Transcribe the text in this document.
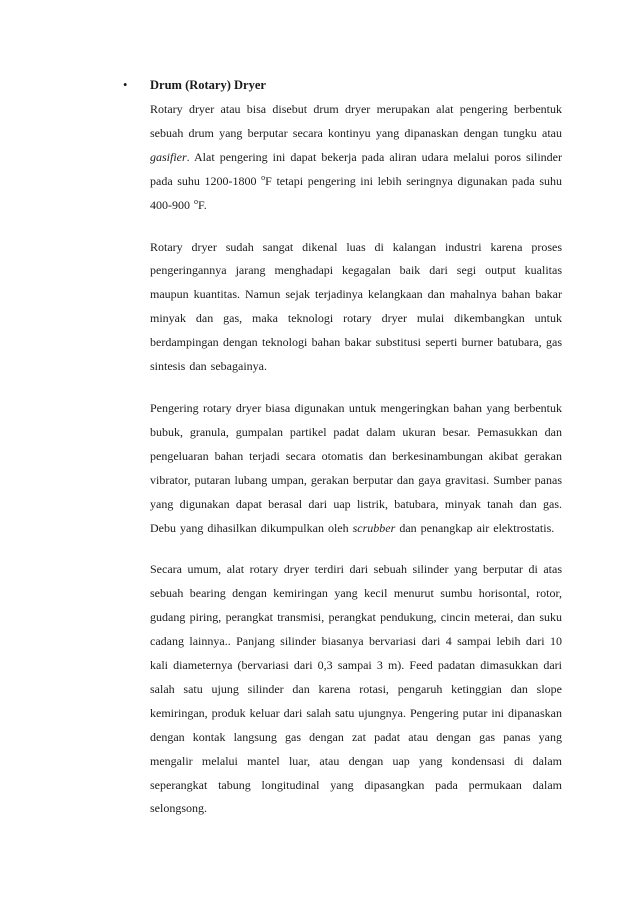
• Drum (Rotary) Dryer

Rotary dryer atau bisa disebut drum dryer merupakan alat pengering berbentuk sebuah drum yang berputar secara kontinyu yang dipanaskan dengan tungku atau gasifier. Alat pengering ini dapat bekerja pada aliran udara melalui poros silinder pada suhu 1200-1800 $^o$F tetapi pengering ini lebih seringnya digunakan pada suhu 400-900 $^o$F.

Rotary dryer sudah sangat dikenal luas di kalangan industri karena proses pengeringannya jarang menghadapi kegagalan baik dari segi output kualitas maupun kuantitas. Namun sejak terjadinya kelangkaan dan mahalnya bahan bakar minyak dan gas, maka teknologi rotary dryer mulai dikembangkan untuk berdampingan dengan teknologi bahan bakar substitusi seperti burner batubara, gas sintesis dan sebagainya.

Pengering rotary dryer biasa digunakan untuk mengeringkan bahan yang berbentuk bubuk, granula, gumpalan partikel padat dalam ukuran besar. Pemasukkan dan pengeluaran bahan terjadi secara otomatis dan berkesinambungan akibat gerakan vibrator, putaran lubang umpan, gerakan berputar dan gaya gravitasi. Sumber panas yang digunakan dapat berasal dari uap listrik, batubara, minyak tanah dan gas. Debu yang dihasilkan dikumpulkan oleh scrubber dan penangkap air elektrostatis.

Secara umum, alat rotary dryer terdiri dari sebuah silinder yang berputar di atas sebuah bearing dengan kemiringan yang kecil menurut sumbu horisontal, rotor, gudang piring, perangkat transmisi, perangkat pendukung, cincin meterai, dan suku cadang lainnya.. Panjang silinder biasanya bervariasi dari 4 sampai lebih dari 10 kali diameternya (bervariasi dari 0,3 sampai 3 m). Feed padatan dimasukkan dari salah satu ujung silinder dan karena rotasi, pengaruh ketinggian dan slope kemiringan, produk keluar dari salah satu ujungnya. Pengering putar ini dipanaskan dengan kontak langsung gas dengan zat padat atau dengan gas panas yang mengalir melalui mantel luar, atau dengan uap yang kondensasi di dalam seperangkat tabung longitudinal yang dipasangkan pada permukaan dalam selongsong.
